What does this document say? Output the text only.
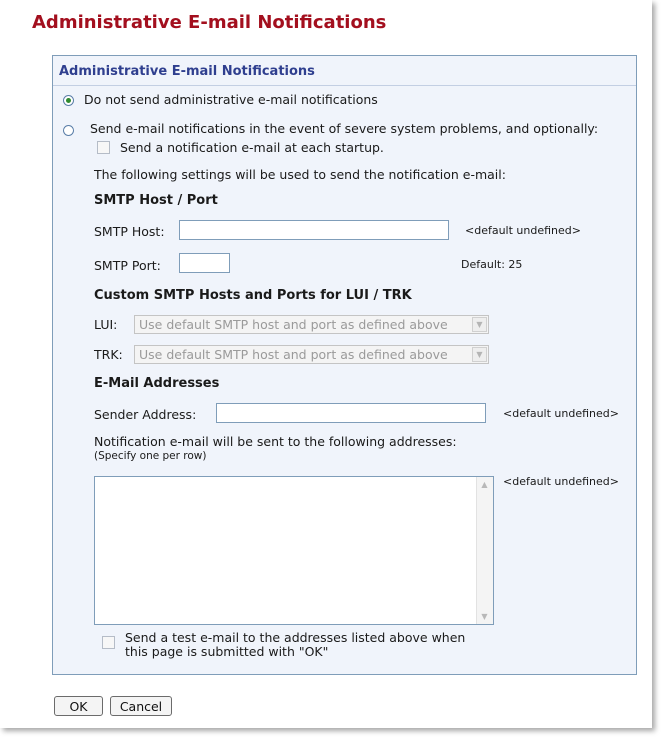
Administrative E-mail Notifications
Administrative E-mail Notifications
Do not send administrative e-mail notifications
Send e-mail notifications in the event of severe system problems, and optionally:
Send a notification e-mail at each startup.
The following settings will be used to send the notification e-mail:
SMTP Host / Port
SMTP Host:	<default undefined>
SMTP Port:	Default: 25
Custom SMTP Hosts and Ports for LUI / TRK
LUI:	Use default SMTP host and port as defined above	▼
TRK:	Use default SMTP host and port as defined above	▼
E-Mail Addresses
Sender Address:	<default undefined>
Notification e-mail will be sent to the following addresses:
(Specify one per row)
▲
▼
<default undefined>
Send a test e-mail to the addresses listed above when
this page is submitted with "OK"
OK	Cancel
